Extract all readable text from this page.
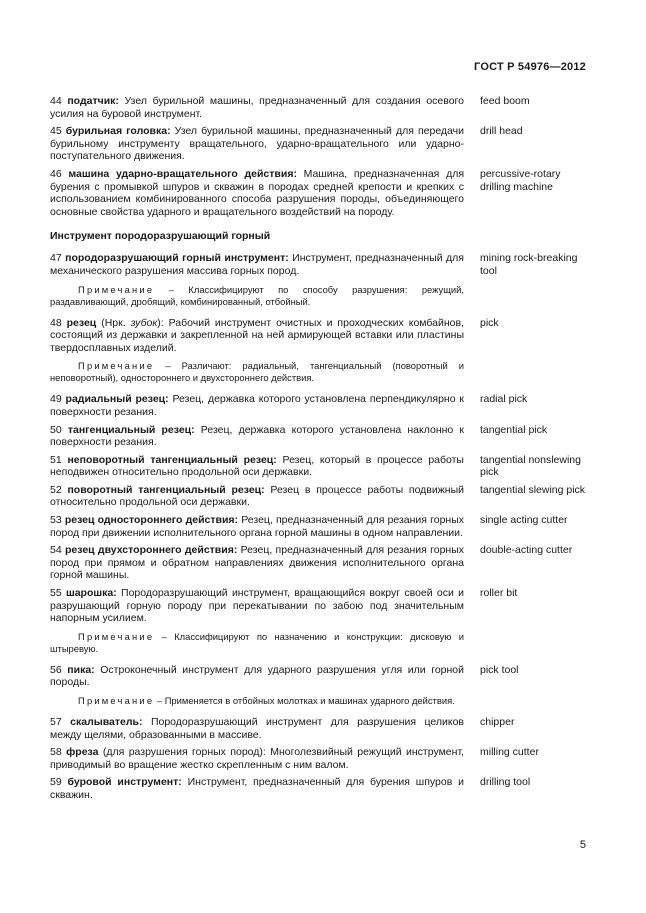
ГОСТ Р 54976—2012
44 податчик: Узел бурильной машины, предназначенный для создания осевого усилия на буровой инструмент.
feed boom
45 бурильная головка: Узел бурильной машины, предназначенный для передачи бурильному инструменту вращательного, ударно-вращательного или ударно-поступательного движения.
drill head
46 машина ударно-вращательного действия: Машина, предназначенная для бурения с промывкой шпуров и скважин в породах средней крепости и крепких с использованием комбинированного способа разрушения породы, объединяющего основные свойства ударного и вращательного воздействий на породу.
percussive-rotary drilling machine
Инструмент породоразрушающий горный
47 породоразрушающий горный инструмент: Инструмент, предназначенный для механического разрушения массива горных пород.
mining rock-breaking tool
Примечание – Классифицируют по способу разрушения: режущий, раздавливающий, дробящий, комбинированный, отбойный.
48 резец (Нрк. зубок): Рабочий инструмент очистных и проходческих комбайнов, состоящий из державки и закрепленной на ней армирующей вставки или пластины твердосплавных изделий.
pick
Примечание – Различают: радиальный, тангенциальный (поворотный и неповоротный), одностороннего и двухстороннего действия.
49 радиальный резец: Резец, державка которого установлена перпендикулярно к поверхности резания.
radial pick
50 тангенциальный резец: Резец, державка которого установлена наклонно к поверхности резания.
tangential pick
51 неповоротный тангенциальный резец: Резец, который в процессе работы неподвижен относительно продольной оси державки.
tangential nonslewing pick
52 поворотный тангенциальный резец: Резец в процессе работы подвижный относительно продольной оси державки.
tangential slewing pick
53 резец одностороннего действия: Резец, предназначенный для резания горных пород при движении исполнительного органа горной машины в одном направлении.
single acting cutter
54 резец двухстороннего действия: Резец, предназначенный для резания горных пород при прямом и обратном направлениях движения исполнительного органа горной машины.
double-acting cutter
55 шарошка: Породоразрушающий инструмент, вращающийся вокруг своей оси и разрушающий горную породу при перекатывании по забою под значительным напорным усилием.
roller bit
Примечание – Классифицируют по назначению и конструкции: дисковую и штыревую.
56 пика: Остроконечный инструмент для ударного разрушения угля или горной породы.
pick tool
Примечание – Применяется в отбойных молотках и машинах ударного действия.
57 скалыватель: Породоразрушающий инструмент для разрушения целиков между щелями, образованными в массиве.
chipper
58 фреза (для разрушения горных пород): Многолезвийный режущий инструмент, приводимый во вращение жестко скрепленным с ним валом.
milling cutter
59 буровой инструмент: Инструмент, предназначенный для бурения шпуров и скважин.
drilling tool
5
